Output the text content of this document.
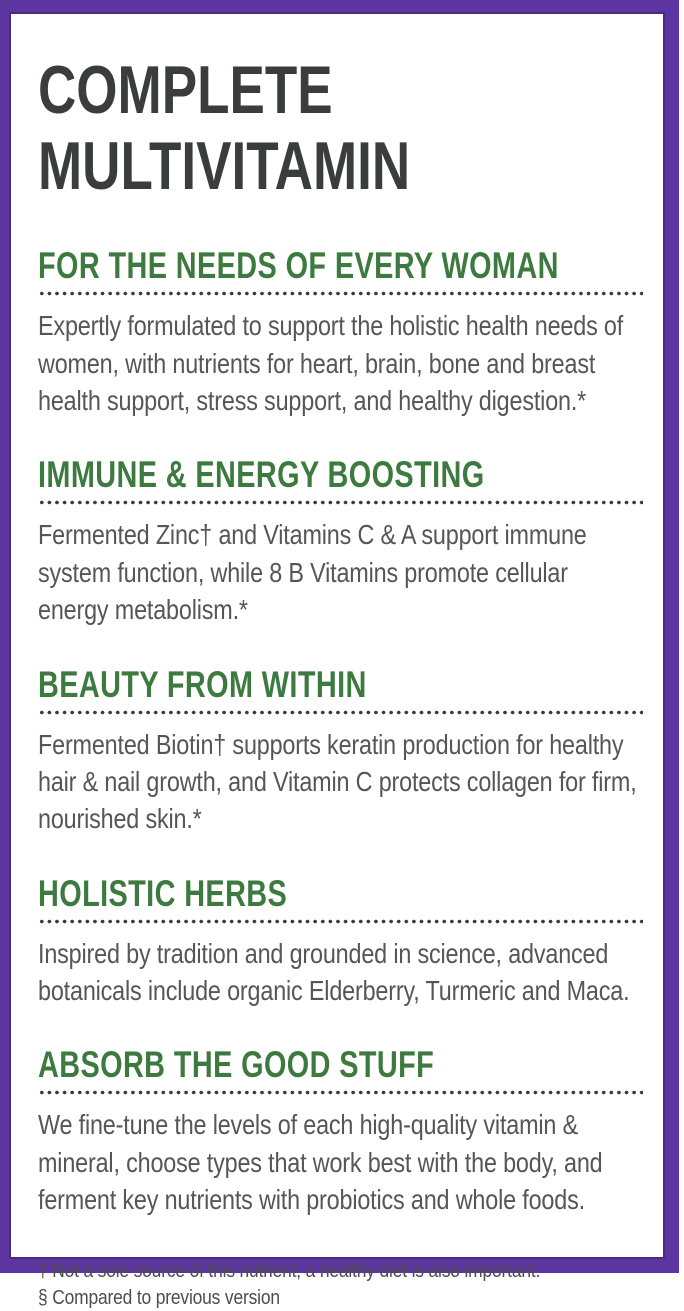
COMPLETE
MULTIVITAMIN
FOR THE NEEDS OF EVERY WOMAN

Expertly formulated to support the holistic health needs of women, with nutrients for heart, brain, bone and breast health support, stress support, and healthy digestion.*

IMMUNE & ENERGY BOOSTING

Fermented Zinc† and Vitamins C & A support immune system function, while 8 B Vitamins promote cellular energy metabolism.*

BEAUTY FROM WITHIN

Fermented Biotin† supports keratin production for healthy hair & nail growth, and Vitamin C protects collagen for firm, nourished skin.*

HOLISTIC HERBS

Inspired by tradition and grounded in science, advanced botanicals include organic Elderberry, Turmeric and Maca.

ABSORB THE GOOD STUFF

We fine-tune the levels of each high-quality vitamin & mineral, choose types that work best with the body, and ferment key nutrients with probiotics and whole foods.

† Not a sole source of this nutrient; a healthy diet is also important.
§ Compared to previous version
